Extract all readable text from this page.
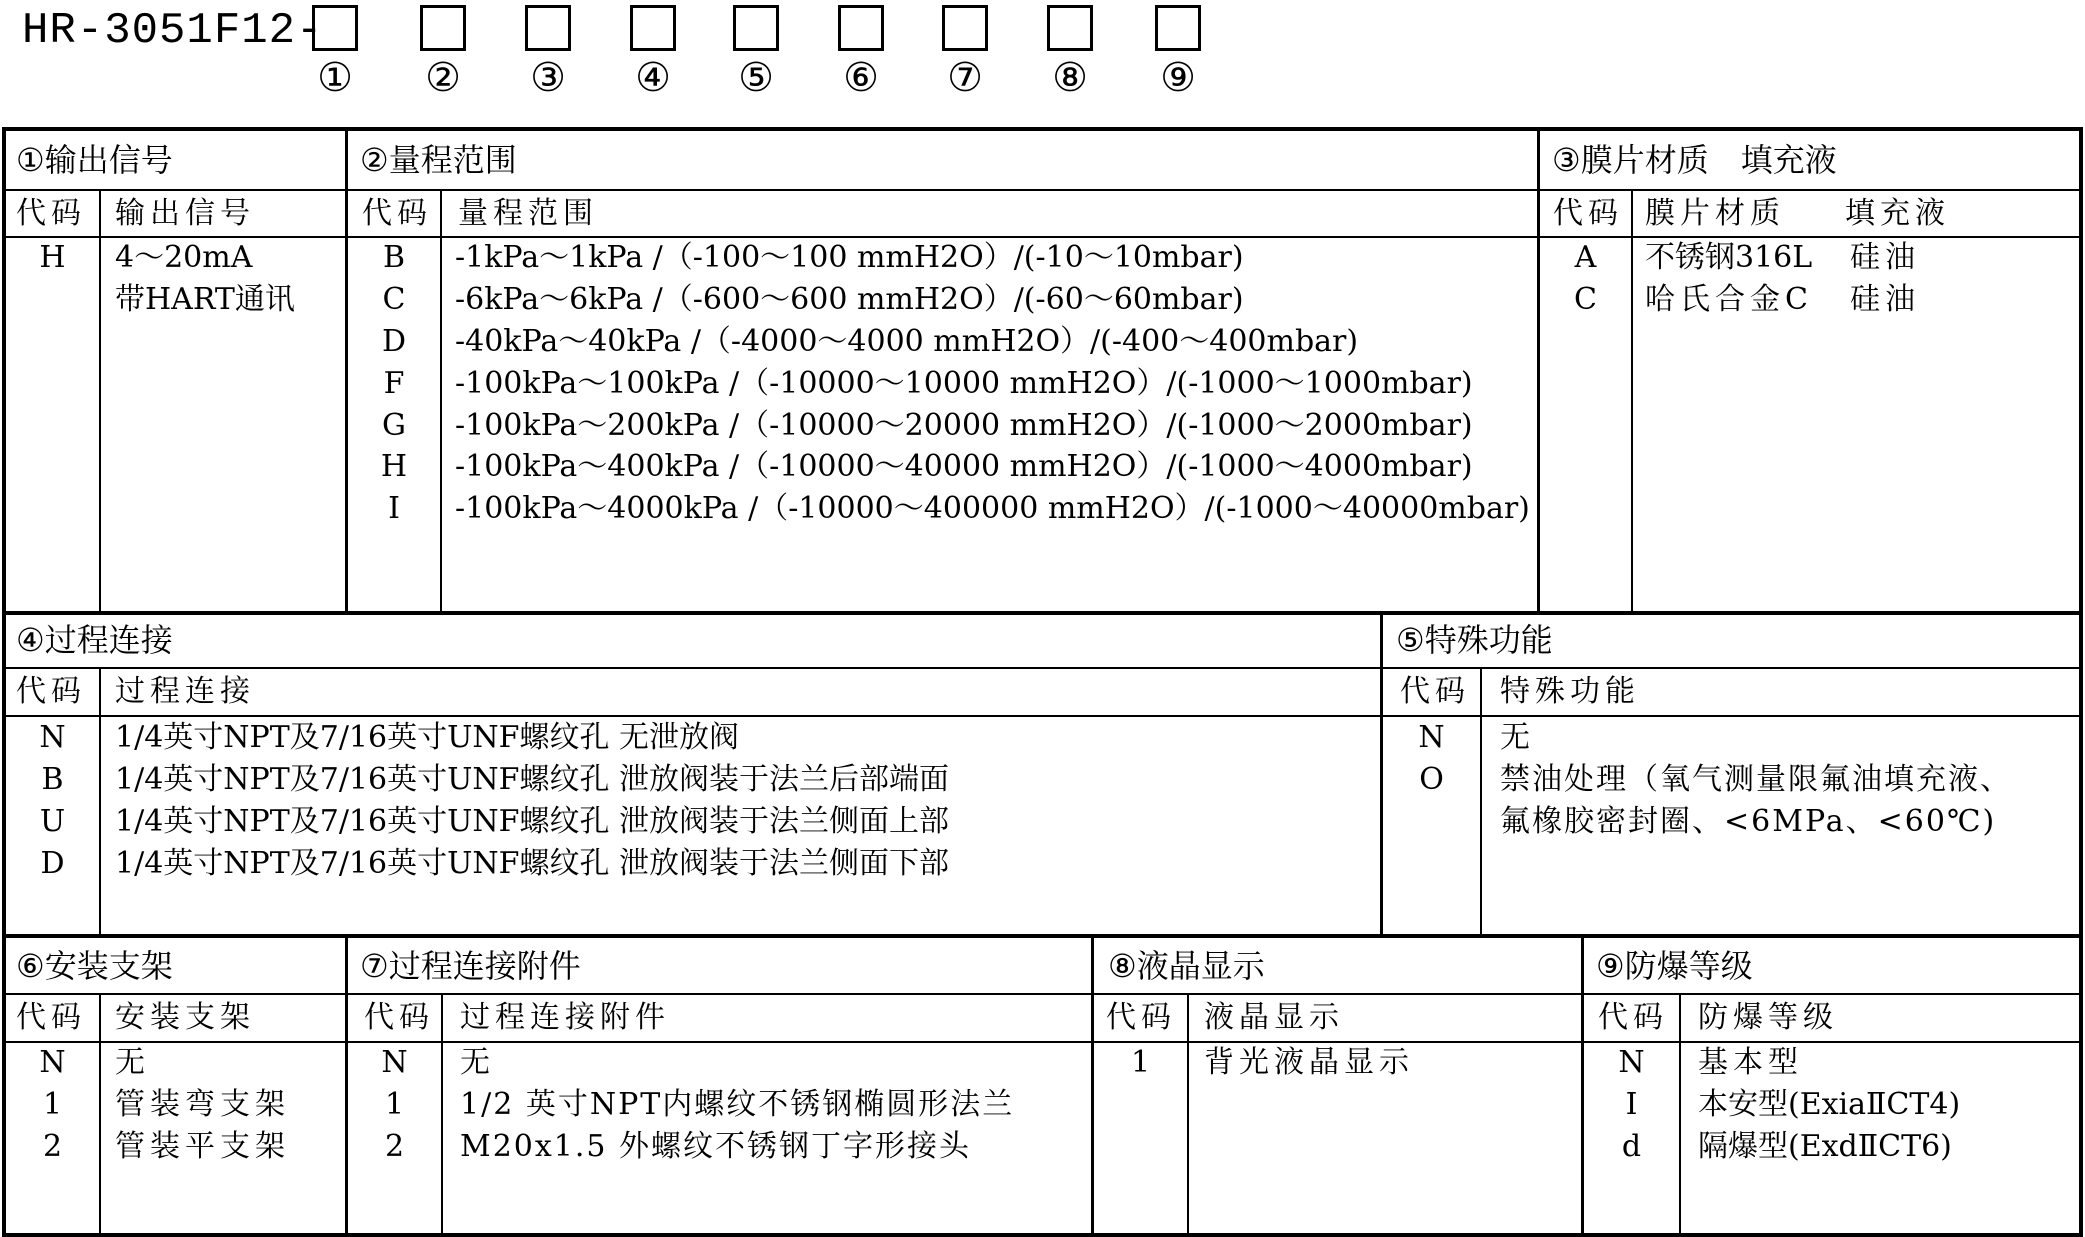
HR-3051F12-
①	②	③	④	⑤	⑥	⑦	⑧	⑨
①输出信号
代码 输出信号
H	4～20mA
带HART通讯
②量程范围
代码 量程范围
B	-1kPa～1kPa /（-100～100 mmH2O）/(-10～10mbar)
C	-6kPa～6kPa /（-600～600 mmH2O）/(-60～60mbar)
D	-40kPa～40kPa /（-4000～4000 mmH2O）/(-400～400mbar)
F	-100kPa～100kPa /（-10000～10000 mmH2O）/(-1000～1000mbar)
G	-100kPa～200kPa /（-10000～20000 mmH2O）/(-1000～2000mbar)
H	-100kPa～400kPa /（-10000～40000 mmH2O）/(-1000～4000mbar)
I	-100kPa～4000kPa /（-10000～400000 mmH2O）/(-1000～40000mbar)
③膜片材质　填充液
代码 膜片材质 填充液
A	不锈钢316L 硅油
C	哈氏合金C 硅油
④过程连接
代码 过程连接
N	1/4英寸NPT及7/16英寸UNF螺纹孔 无泄放阀
B	1/4英寸NPT及7/16英寸UNF螺纹孔 泄放阀装于法兰后部端面
U	1/4英寸NPT及7/16英寸UNF螺纹孔 泄放阀装于法兰侧面上部
D	1/4英寸NPT及7/16英寸UNF螺纹孔 泄放阀装于法兰侧面下部
⑤特殊功能
代码 特殊功能
N	无
O	禁油处理（氧气测量限氟油填充液、
氟橡胶密封圈、<6MPa、<60℃)
⑥安装支架
代码 安装支架
N	无
1	管装弯支架
2	管装平支架
⑦过程连接附件
代码 过程连接附件
N	无
1	1/2 英寸NPT内螺纹不锈钢椭圆形法兰
2	M20x1.5 外螺纹不锈钢丁字形接头
⑧液晶显示
代码 液晶显示
1	背光液晶显示
⑨防爆等级
代码 防爆等级
N	基本型
I	本安型(ExiaⅡCT4)
d	隔爆型(ExdⅡCT6)
